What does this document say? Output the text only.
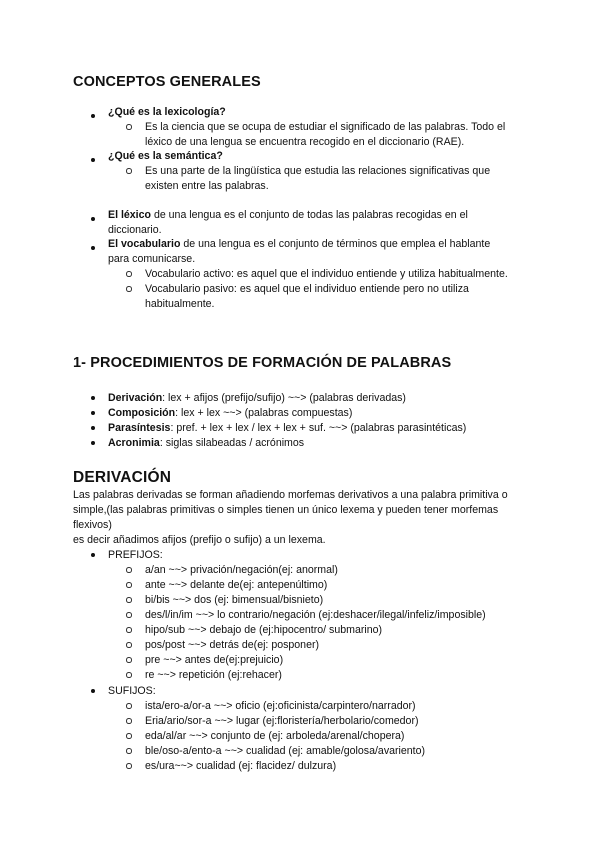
CONCEPTOS GENERALES
¿Qué es la lexicología?
Es la ciencia que se ocupa de estudiar el significado de las palabras. Todo el
léxico de una lengua se encuentra recogido en el diccionario (RAE).
¿Qué es la semántica?
Es una parte de la lingüística que estudia las relaciones significativas que
existen entre las palabras.
El léxico de una lengua es el conjunto de todas las palabras recogidas en el
diccionario.
El vocabulario de una lengua es el conjunto de términos que emplea el hablante
para comunicarse.
Vocabulario activo: es aquel que el individuo entiende y utiliza habitualmente.
Vocabulario pasivo: es aquel que el individuo entiende pero no utiliza
habitualmente.
1- PROCEDIMIENTOS DE FORMACIÓN DE PALABRAS
Derivación: lex + afijos (prefijo/sufijo) ~~> (palabras derivadas)
Composición: lex + lex ~~> (palabras compuestas)
Parasíntesis: pref. + lex + lex / lex + lex + suf. ~~> (palabras parasintéticas)
Acronimia: siglas silabeadas / acrónimos
DERIVACIÓN
Las palabras derivadas se forman añadiendo morfemas derivativos a una palabra primitiva o
simple,(las palabras primitivas o simples tienen un único lexema y pueden tener morfemas
flexivos)
es decir añadimos afijos (prefijo o sufijo) a un lexema.
PREFIJOS:
a/an ~~> privación/negación(ej: anormal)
ante ~~> delante de(ej: antepenúltimo)
bi/bis ~~> dos (ej: bimensual/bisnieto)
des/l/in/im ~~> lo contrario/negación (ej:deshacer/ilegal/infeliz/imposible)
hipo/sub ~~> debajo de (ej:hipocentro/ submarino)
pos/post ~~> detrás de(ej: posponer)
pre ~~> antes de(ej:prejuicio)
re ~~> repetición (ej:rehacer)
SUFIJOS:
ista/ero-a/or-a ~~> oficio (ej:oficinista/carpintero/narrador)
Eria/ario/sor-a ~~> lugar (ej:floristería/herbolario/comedor)
eda/al/ar ~~> conjunto de (ej: arboleda/arenal/chopera)
ble/oso-a/ento-a ~~> cualidad (ej: amable/golosa/avariento)
es/ura~~> cualidad (ej: flacidez/ dulzura)
